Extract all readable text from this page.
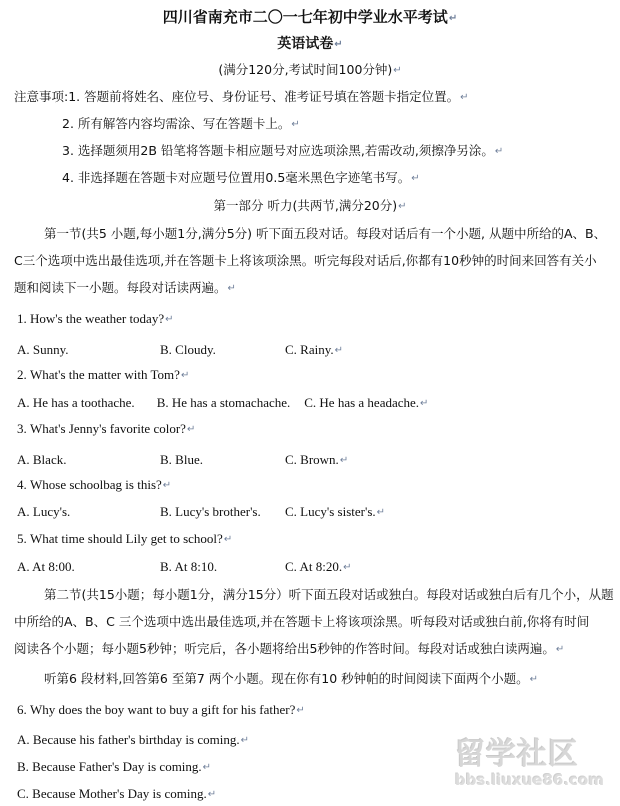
四川省南充市二〇一七年初中学业水平考试↵
英语试卷↵
(满分120分,考试时间100分钟)↵
注意事项:1. 答题前将姓名、座位号、身份证号、准考证号填在答题卡指定位置。↵
2. 所有解答内容均需涂、写在答题卡上。↵
3. 选择题须用2B 铅笔将答题卡相应题号对应选项涂黑,若需改动,须擦净另涂。↵
4. 非选择题在答题卡对应题号位置用0.5毫米黑色字迹笔书写。↵
第一部分 听力(共两节,满分20分)↵
第一节(共5 小题,每小题1分,满分5分) 听下面五段对话。每段对话后有一个小题, 从题中所给的A、B、
C三个选项中选出最佳选项,并在答题卡上将该项涂黑。听完每段对话后,你都有10秒钟的时间来回答有关小
题和阅读下一小题。每段对话读两遍。↵
1. How's the weather today?↵
A. Sunny.	B. Cloudy.	C. Rainy.↵
2. What's the matter with Tom?↵
A. He has a toothache. B. He has a stomachache. C. He has a headache.↵
3. What's Jenny's favorite color?↵
A. Black.	B. Blue.	C. Brown.↵
4. Whose schoolbag is this?↵
A. Lucy's.	B. Lucy's brother's. C. Lucy's sister's.↵
5. What time should Lily get to school?↵
A. At 8:00.	B. At 8:10.	C. At 8:20.↵
第二节(共15小题；每小题1分，满分15分）听下面五段对话或独白。每段对话或独白后有几个小，从题
中所给的A、B、C 三个选项中选出最佳选项,并在答题卡上将该项涂黑。听每段对话或独白前,你将有时间
阅读各个小题；每小题5秒钟；听完后，各小题将给出5秒钟的作答时间。每段对话或独白读两遍。↵
听第6 段材料,回答第6 至第7 两个小题。现在你有10 秒钟帕的时间阅读下面两个小题。↵
6. Why does the boy want to buy a gift for his father?↵
A. Because his father's birthday is coming.↵
B. Because Father's Day is coming.↵
C. Because Mother's Day is coming.↵
留学社区
bbs.liuxue86.com
